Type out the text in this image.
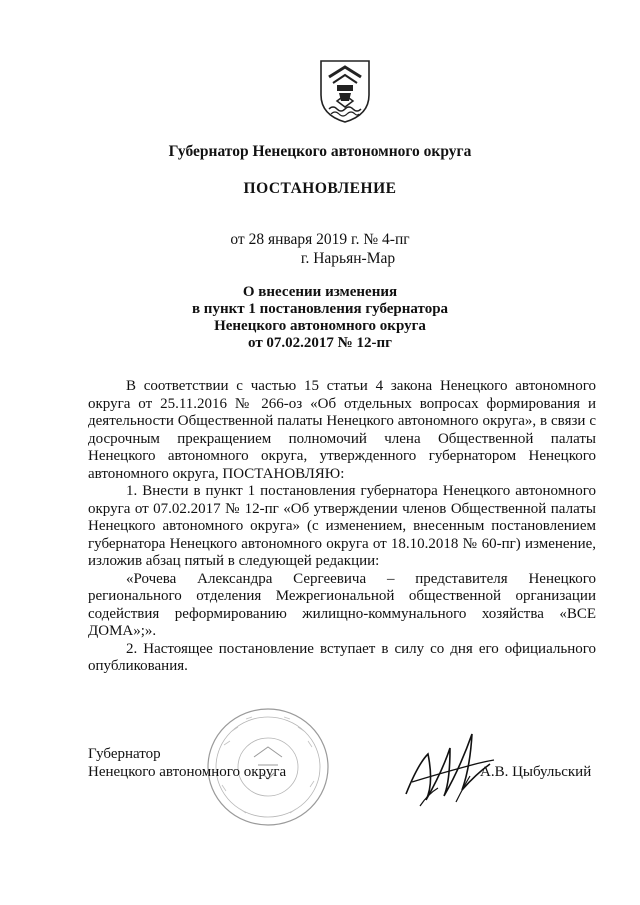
Губернатор Ненецкого автономного округа
ПОСТАНОВЛЕНИЕ
от 28 января 2019 г. № 4-пг
г. Нарьян-Мар
О внесении изменения
в пункт 1 постановления губернатора
Ненецкого автономного округа
от 07.02.2017 № 12-пг

В соответствии с частью 15 статьи 4 закона Ненецкого автономного округа от 25.11.2016 № 266-оз «Об отдельных вопросах формирования и деятельности Общественной палаты Ненецкого автономного округа», в связи с досрочным прекращением полномочий члена Общественной палаты Ненецкого автономного округа, утвержденного губернатором Ненецкого автономного округа, ПОСТАНОВЛЯЮ:

1. Внести в пункт 1 постановления губернатора Ненецкого автономного округа от 07.02.2017 № 12-пг «Об утверждении членов Общественной палаты Ненецкого автономного округа» (с изменением, внесенным постановлением губернатора Ненецкого автономного округа от 18.10.2018 № 60-пг) изменение, изложив абзац пятый в следующей редакции:

«Рочева Александра Сергеевича – представителя Ненецкого регионального отделения Межрегиональной общественной организации содействия реформированию жилищно-коммунального хозяйства «ВСЕ ДОМА»;».

2. Настоящее постановление вступает в силу со дня его официального опубликования.

Губернатор
Ненецкого автономного округа	А.В. Цыбульский
